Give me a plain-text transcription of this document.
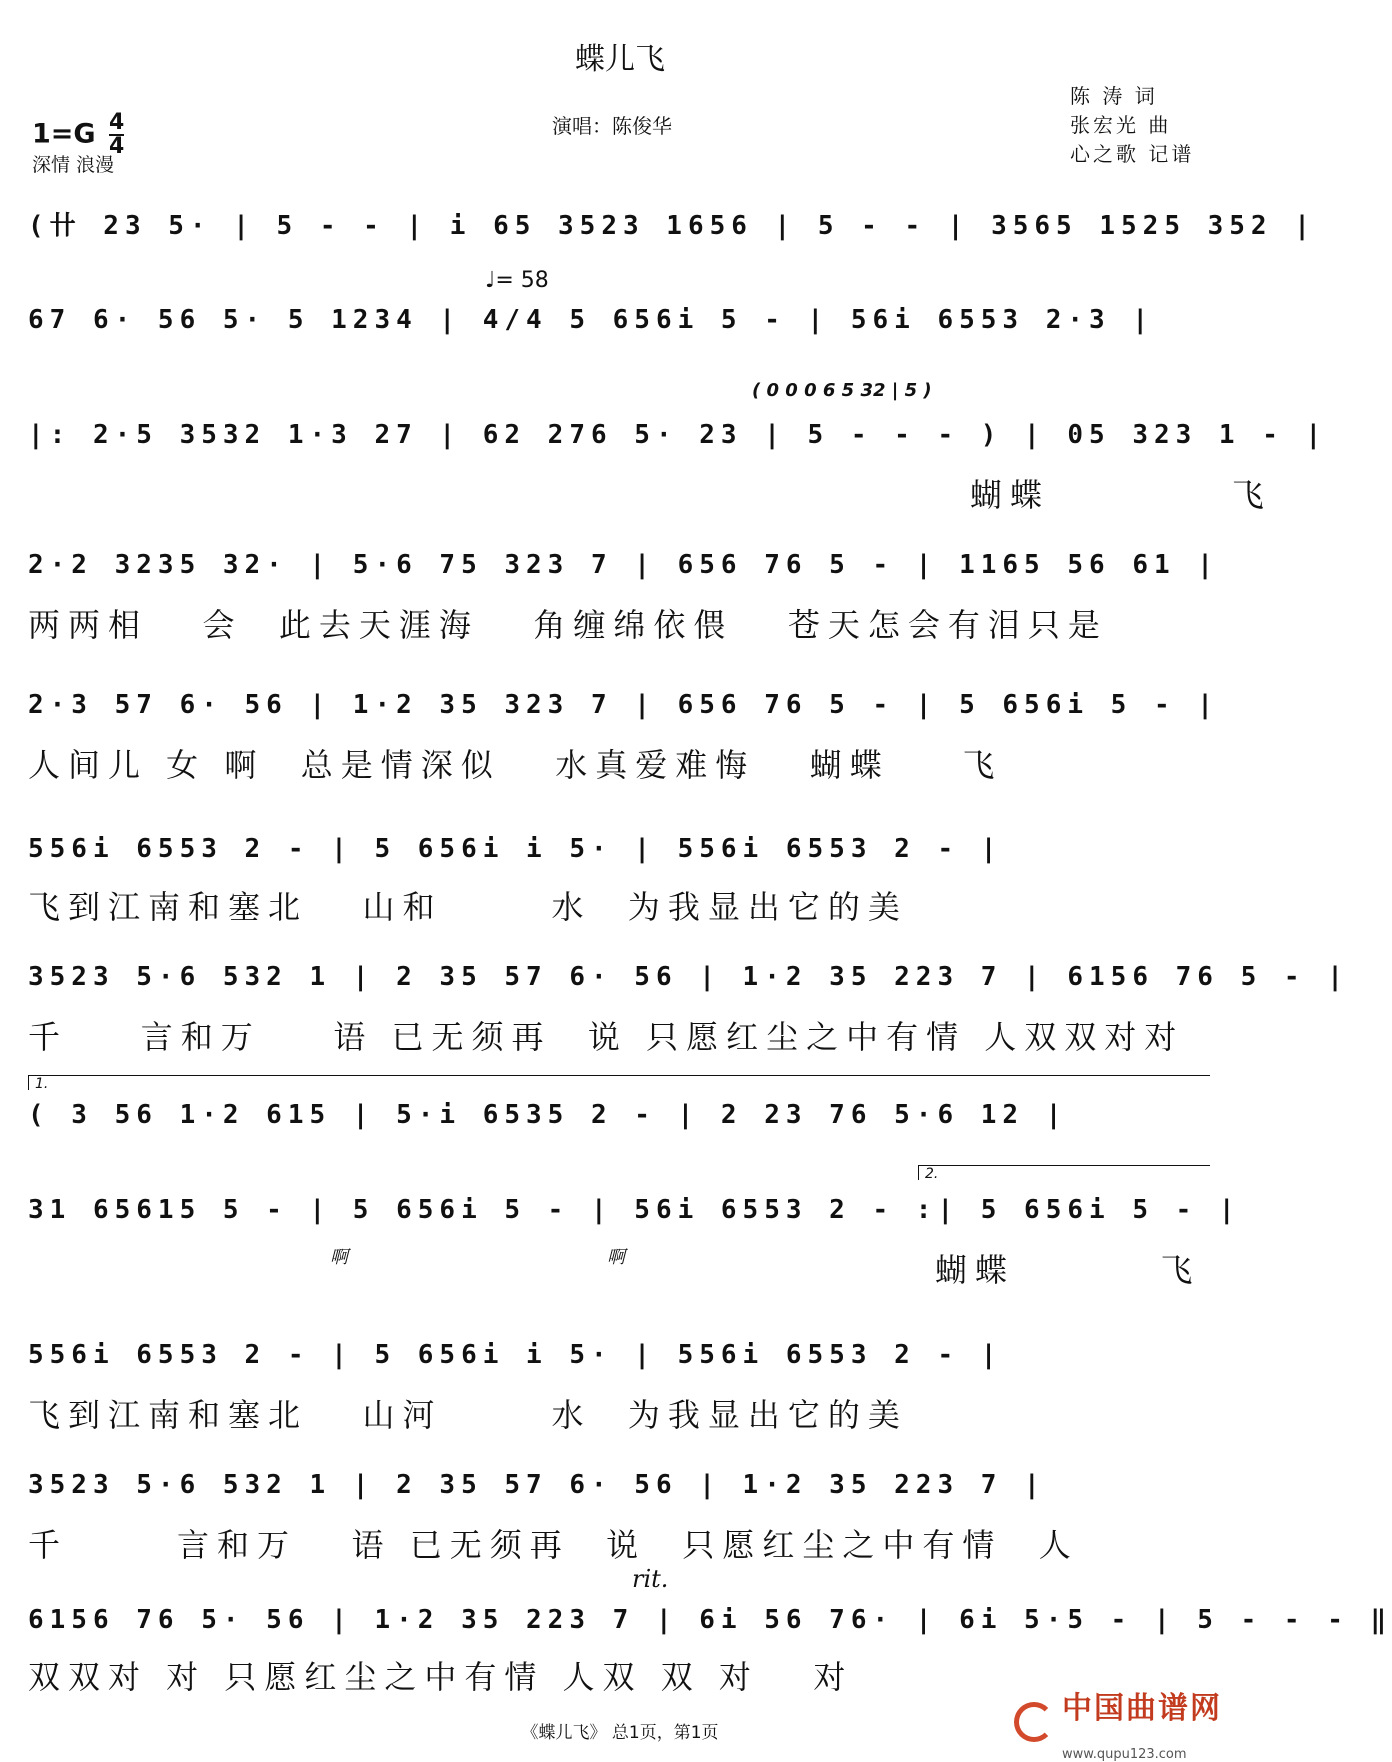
蝶儿飞
$1=G \frac{4}{4}$
深情 浪漫
演唱：陈俊华
陈 涛 词
张宏光 曲
心之歌 记谱
(卄 23 5· | 5 - - | i 65 3523 1656 | 5 - - | 3565 1525 352 |
♩= 58
67 6· 56 5· 5 1234 | 4/4 5 656i 5 - | 56i 6553 2·3 |
( 0 0 0 6 5 32 | 5 )
|: 2·5 3532 1·3 27 | 62 276 5· 23 | 5 - - - ) | 05 323 1 - |
蝴蝶          飞
2·2 3235 32· | 5·6 75 323 7 | 656 76 5 - | 1165 56 61 |
两两相   会  此去天涯海   角缠绵依偎   苍天怎会有泪只是
2·3 57 6· 56 | 1·2 35 323 7 | 656 76 5 - | 5 656i 5 - |
人间儿 女 啊  总是情深似   水真爱难悔   蝴蝶    飞
556i 6553 2 - | 5 656i i 5· | 556i 6553 2 - |
飞到江南和塞北   山和      水  为我显出它的美
3523 5·6 532 1 | 2 35 57 6· 56 | 1·2 35 223 7 | 6156 76 5 - |
千    言和万    语 已无须再  说 只愿红尘之中有情 人双双对对
1.
( 3 56 1·2 615 | 5·i 6535 2 - | 2 23 76 5·6 12 |
2.
31 65615 5 - | 5 656i 5 - | 56i 6553 2 - :| 5 656i 5 - |
蝴蝶        飞
啊	啊
556i 6553 2 - | 5 656i i 5· | 556i 6553 2 - |
飞到江南和塞北   山河      水  为我显出它的美
3523 5·6 532 1 | 2 35 57 6· 56 | 1·2 35 223 7 |
千      言和万   语 已无须再  说  只愿红尘之中有情  人
rit.
6156 76 5· 56 | 1·2 35 223 7 | 6i 56 76· | 6i 5·5 - | 5 - - - ‖
双双对 对 只愿红尘之中有情 人双 双 对   对
《蝶儿飞》 总1页，第1页
中国曲谱网
www.qupu123.com
